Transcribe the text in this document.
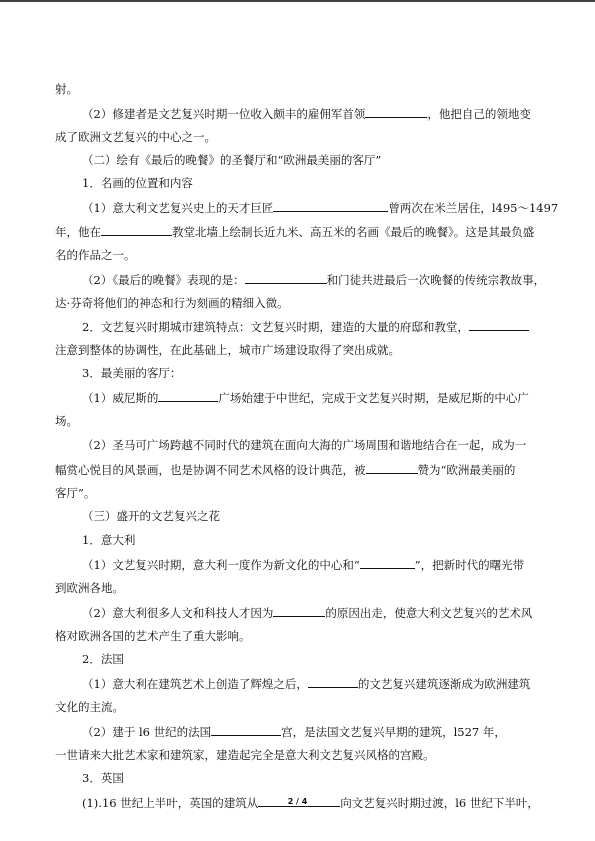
射。
（2）修建者是文艺复兴时期一位收入颇丰的雇佣军首领	，他把自己的领地变
成了欧洲文艺复兴的中心之一。
（二）绘有《最后的晚餐》的圣餐厅和“欧洲最美丽的客厅”
1．名画的位置和内容
（1）意大利文艺复兴史上的天才巨匠	曾两次在米兰居住，l495～1497
年，他在	教堂北墙上绘制长近九米、高五米的名画《最后的晚餐》。这是其最负盛
名的作品之一。
（2）《最后的晚餐》表现的是：	和门徒共进最后一次晚餐的传统宗教故事，
达·芬奇将他们的神态和行为刻画的精细入微。
2．文艺复兴时期城市建筑特点：文艺复兴时期，建造的大量的府邸和教堂，
注意到整体的协调性，在此基础上，城市广场建设取得了突出成就。
3．最美丽的客厅：
（1）威尼斯的	广场始建于中世纪，完成于文艺复兴时期，是威尼斯的中心广
场。
（2）圣马可广场跨越不同时代的建筑在面向大海的广场周围和谐地结合在一起，成为一
幅赏心悦目的风景画，也是协调不同艺术风格的设计典范，被	赞为“欧洲最美丽的
客厅”。
（三）盛开的文艺复兴之花
1．意大利
（1）文艺复兴时期，意大利一度作为新文化的中心和“	”，把新时代的曙光带
到欧洲各地。
（2）意大利很多人文和科技人才因为	的原因出走，使意大利文艺复兴的艺术风
格对欧洲各国的艺术产生了重大影响。
2．法国
（1）意大利在建筑艺术上创造了辉煌之后，	的文艺复兴建筑逐渐成为欧洲建筑
文化的主流。
（2）建于 l6 世纪的法国	宫，是法国文艺复兴早期的建筑，l527 年，
一世请来大批艺术家和建筑家，建造起完全是意大利文艺复兴风格的宫殿。
3．英国
(1).16 世纪上半叶，英国的建筑从	向文艺复兴时期过渡，l6 世纪下半叶，
2 / 4
